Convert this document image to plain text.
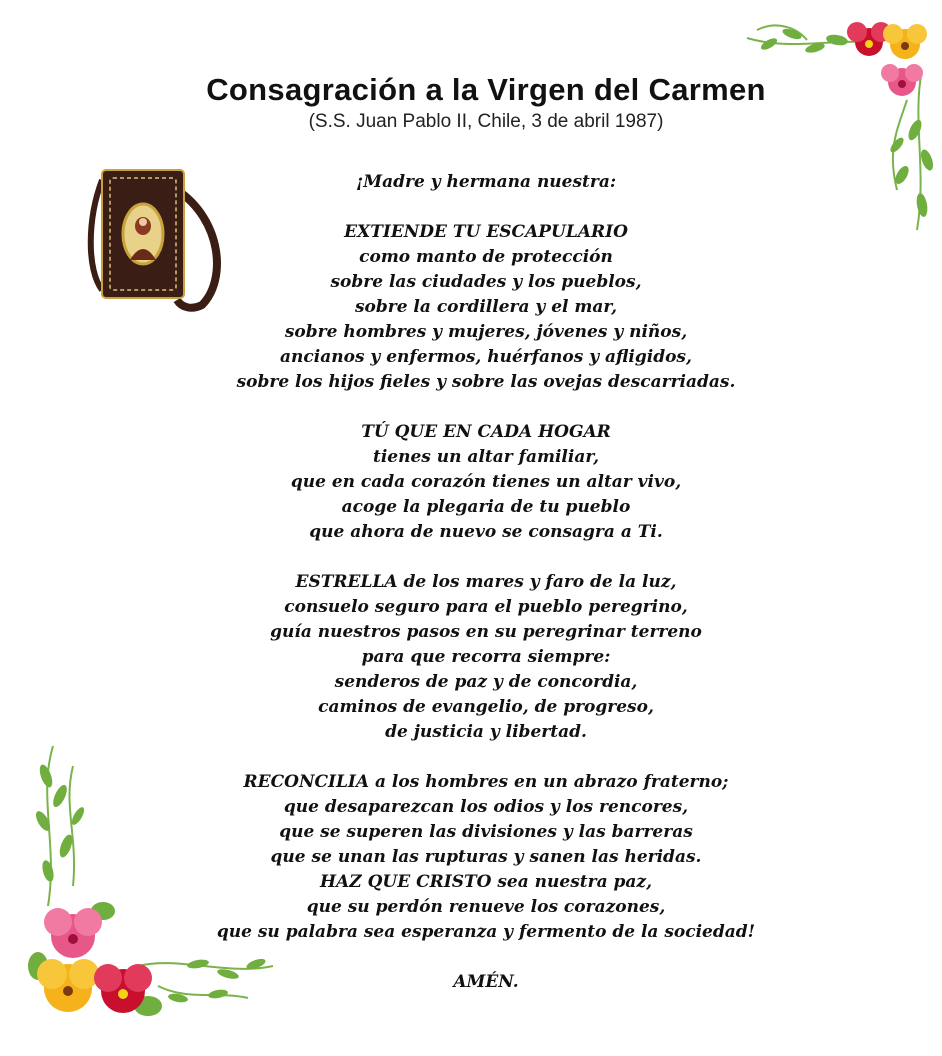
Consagración a la Virgen del Carmen
(S.S. Juan Pablo II, Chile, 3 de abril 1987)
¡Madre y hermana nuestra:
EXTIENDE TU ESCAPULARIO
como manto de protección
sobre las ciudades y los pueblos,
sobre la cordillera y el mar,
sobre hombres y mujeres, jóvenes y niños,
ancianos y enfermos, huérfanos y afligidos,
sobre los hijos fieles y sobre las ovejas descarriadas.
TÚ QUE EN CADA HOGAR
tienes un altar familiar,
que en cada corazón tienes un altar vivo,
acoge la plegaria de tu pueblo
que ahora de nuevo se consagra a Ti.
ESTRELLA de los mares y faro de la luz,
consuelo seguro para el pueblo peregrino,
guía nuestros pasos en su peregrinar terreno
para que recorra siempre:
senderos de paz y de concordia,
caminos de evangelio, de progreso,
de justicia y libertad.
RECONCILIA a los hombres en un abrazo fraterno;
que desaparezcan los odios y los rencores,
que se superen las divisiones y las barreras
que se unan las rupturas y sanen las heridas.
HAZ QUE CRISTO sea nuestra paz,
que su perdón renueve los corazones,
que su palabra sea esperanza y fermento de la sociedad!
AMÉN.
